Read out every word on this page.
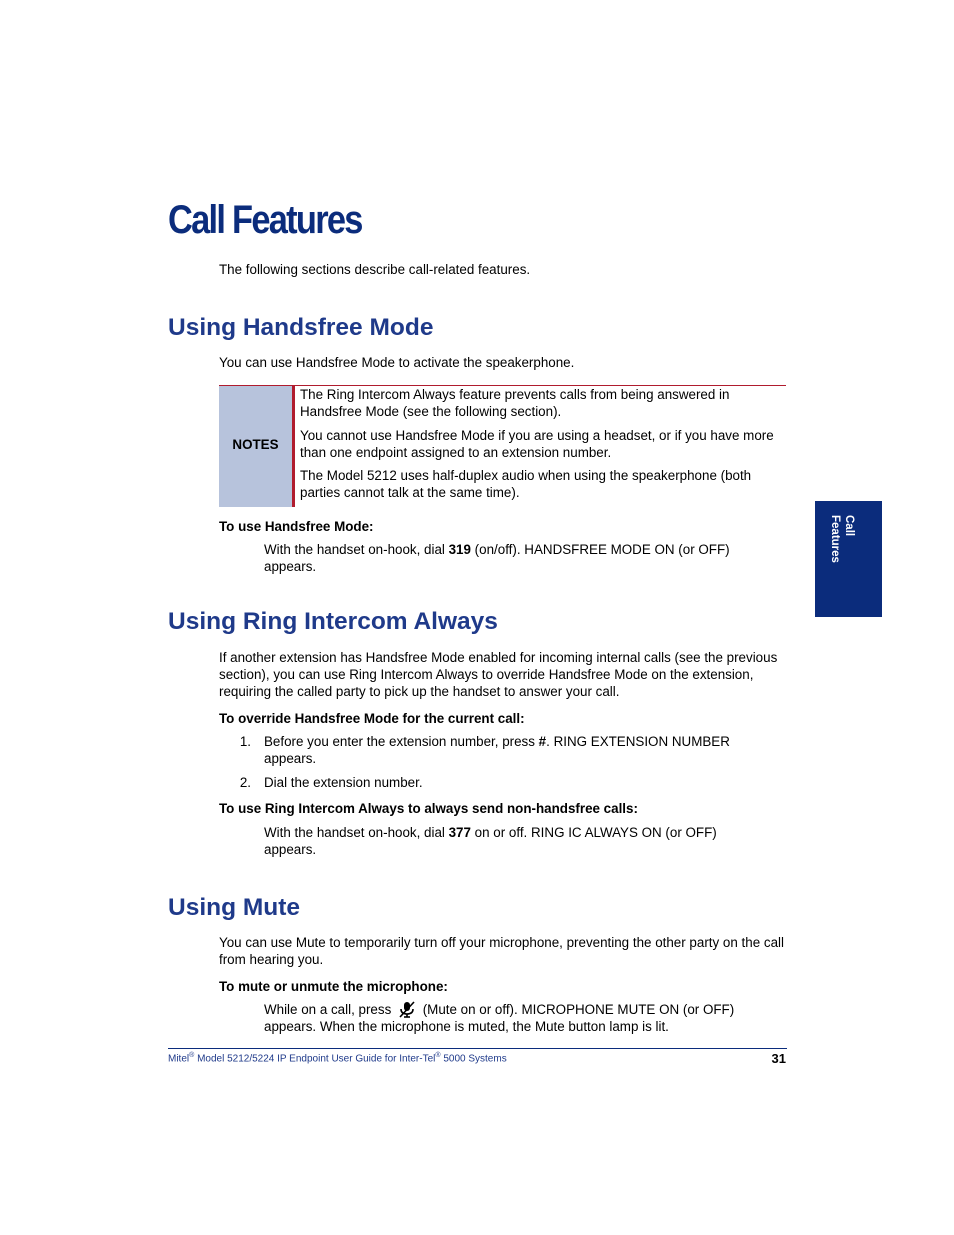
Call Features
The following sections describe call-related features.
Using Handsfree Mode
You can use Handsfree Mode to activate the speakerphone.
NOTES
The Ring Intercom Always feature prevents calls from being answered in Handsfree Mode (see the following section).
You cannot use Handsfree Mode if you are using a headset, or if you have more than one endpoint assigned to an extension number.
The Model 5212 uses half-duplex audio when using the speakerphone (both parties cannot talk at the same time).
To use Handsfree Mode:
With the handset on-hook, dial 319 (on/off). HANDSFREE MODE ON (or OFF) appears.
Using Ring Intercom Always
If another extension has Handsfree Mode enabled for incoming internal calls (see the previous section), you can use Ring Intercom Always to override Handsfree Mode on the extension, requiring the called party to pick up the handset to answer your call.
To override Handsfree Mode for the current call:
1. Before you enter the extension number, press #. RING EXTENSION NUMBER appears.
2. Dial the extension number.
To use Ring Intercom Always to always send non-handsfree calls:
With the handset on-hook, dial 377 on or off. RING IC ALWAYS ON (or OFF) appears.
Using Mute
You can use Mute to temporarily turn off your microphone, preventing the other party on the call from hearing you.
To mute or unmute the microphone:
While on a call, press  (Mute on or off). MICROPHONE MUTE ON (or OFF) appears. When the microphone is muted, the Mute button lamp is lit.
Call
Features
Mitel® Model 5212/5224 IP Endpoint User Guide for Inter-Tel® 5000 Systems	31
